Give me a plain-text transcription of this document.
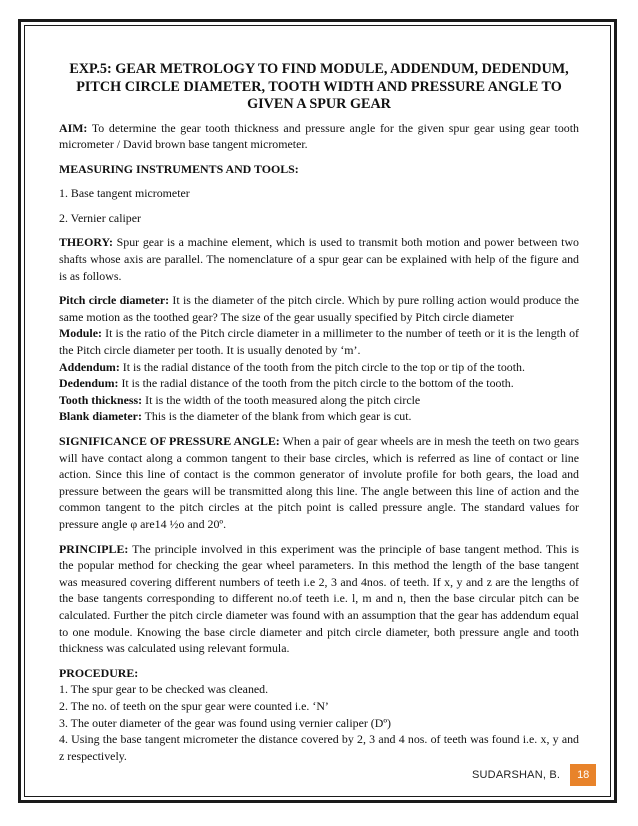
EXP.5: GEAR METROLOGY TO FIND MODULE, ADDENDUM, DEDENDUM, PITCH CIRCLE DIAMETER, TOOTH WIDTH AND PRESSURE ANGLE TO GIVEN A SPUR GEAR

AIM: To determine the gear tooth thickness and pressure angle for the given spur gear using gear tooth micrometer / David brown base tangent micrometer.

MEASURING INSTRUMENTS AND TOOLS:

1. Base tangent micrometer

2. Vernier caliper

THEORY: Spur gear is a machine element, which is used to transmit both motion and power between two shafts whose axis are parallel. The nomenclature of a spur gear can be explained with help of the figure and is as follows.

Pitch circle diameter: It is the diameter of the pitch circle. Which by pure rolling action would produce the same motion as the toothed gear? The size of the gear usually specified by Pitch circle diameter

Module: It is the ratio of the Pitch circle diameter in a millimeter to the number of teeth or it is the length of the Pitch circle diameter per tooth. It is usually denoted by ‘m’.

Addendum: It is the radial distance of the tooth from the pitch circle to the top or tip of the tooth.

Dedendum: It is the radial distance of the tooth from the pitch circle to the bottom of the tooth.

Tooth thickness: It is the width of the tooth measured along the pitch circle

Blank diameter: This is the diameter of the blank from which gear is cut.

SIGNIFICANCE OF PRESSURE ANGLE: When a pair of gear wheels are in mesh the teeth on two gears will have contact along a common tangent to their base circles, which is referred as line of contact or line action. Since this line of contact is the common generator of involute profile for both gears, the load and pressure between the gears will be transmitted along this line. The angle between this line of action and the common tangent to the pitch circles at the pitch point is called pressure angle. The standard values for pressure angle φ are14 ½o and 20º.

PRINCIPLE: The principle involved in this experiment was the principle of base tangent method. This is the popular method for checking the gear wheel parameters. In this method the length of the base tangent was measured covering different numbers of teeth i.e 2, 3 and 4nos. of teeth. If x, y and z are the lengths of the base tangents corresponding to different no.of teeth i.e. l, m and n, then the base circular pitch can be calculated. Further the pitch circle diameter was found with an assumption that the gear has addendum equal to one module. Knowing the base circle diameter and pitch circle diameter, both pressure angle and tooth thickness was calculated using relevant formula.

PROCEDURE:

1. The spur gear to be checked was cleaned.

2. The no. of teeth on the spur gear were counted i.e. ‘N’

3. The outer diameter of the gear was found using vernier caliper (Dº)

4. Using the base tangent micrometer the distance covered by 2, 3 and 4 nos. of teeth was found i.e. x, y and z respectively.

SUDARSHAN, B.	18
